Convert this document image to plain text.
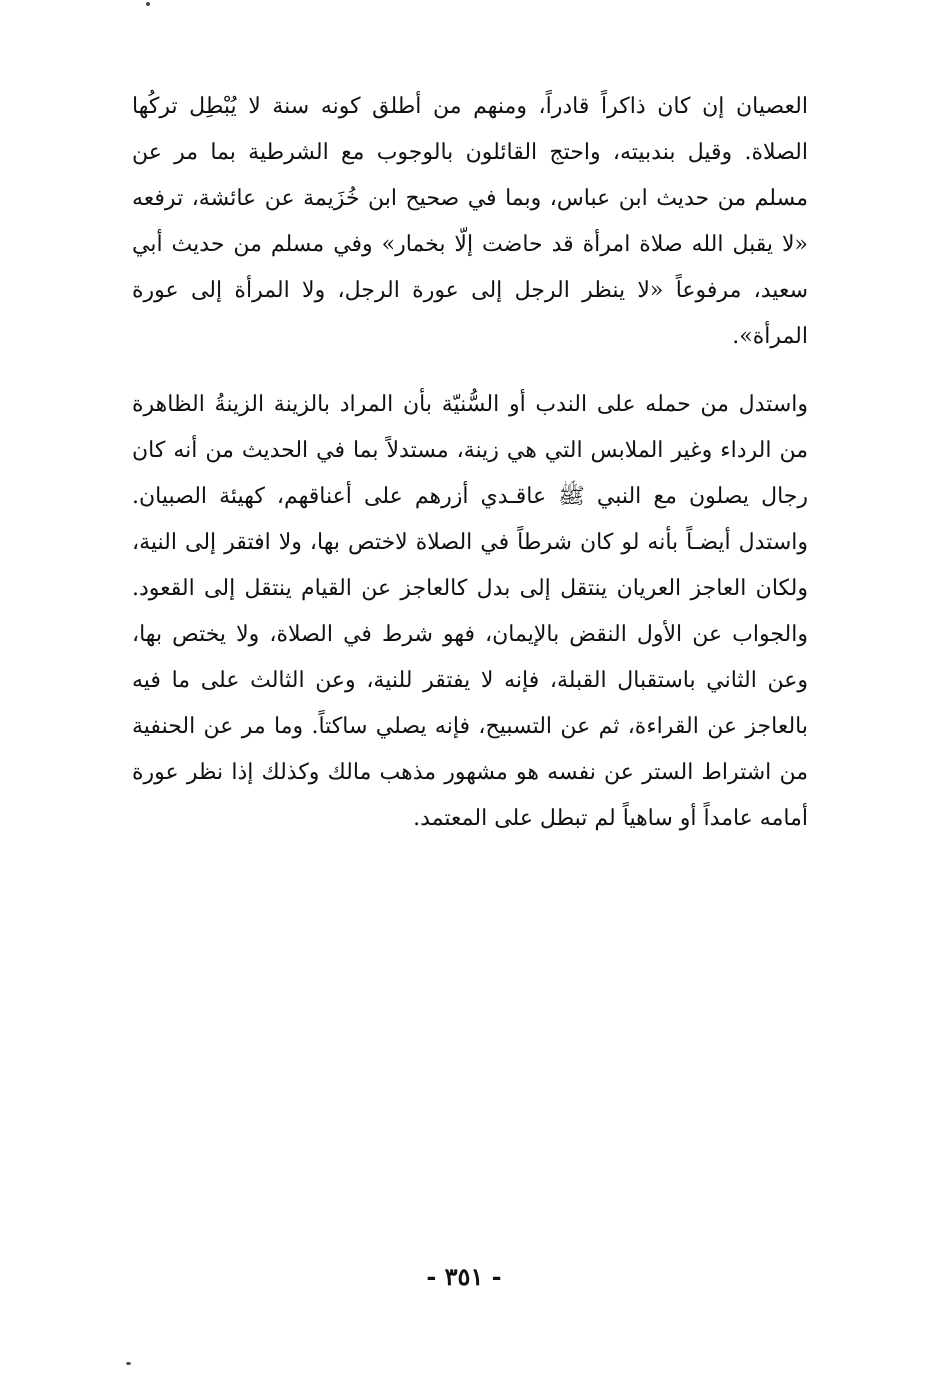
العصيان إن كان ذاكراً قادراً، ومنهم من أطلق كونه سنة لا يُبْطِل تركُها الصلاة. وقيل بندبيته، واحتج القائلون بالوجوب مع الشرطية بما مر عن مسلم من حديث ابن عباس، وبما في صحيح ابن خُزَيمة عن عائشة، ترفعه «لا يقبل الله صلاة امرأة قد حاضت إلّا بخمار» وفي مسلم من حديث أبي سعيد، مرفوعاً «لا ينظر الرجل إلى عورة الرجل، ولا المرأة إلى عورة المرأة».

واستدل من حمله على الندب أو السُّنيّة بأن المراد بالزينة الزينةُ الظاهرة من الرداء وغير الملابس التي هي زينة، مستدلاً بما في الحديث من أنه كان رجال يصلون مع النبي ﷺ عاقـدي أزرهم على أعناقهم، كهيئة الصبيان. واستدل أيضـاً بأنه لو كان شرطاً في الصلاة لاختص بها، ولا افتقر إلى النية، ولكان العاجز العريان ينتقل إلى بدل كالعاجز عن القيام ينتقل إلى القعود. والجواب عن الأول النقض بالإيمان، فهو شرط في الصلاة، ولا يختص بها، وعن الثاني باستقبال القبلة، فإنه لا يفتقر للنية، وعن الثالث على ما فيه بالعاجز عن القراءة، ثم عن التسبيح، فإنه يصلي ساكتاً. وما مر عن الحنفية من اشتراط الستر عن نفسه هو مشهور مذهب مالك وكذلك إذا نظر عورة أمامه عامداً أو ساهياً لم تبطل على المعتمد.

- ٣٥١ -
